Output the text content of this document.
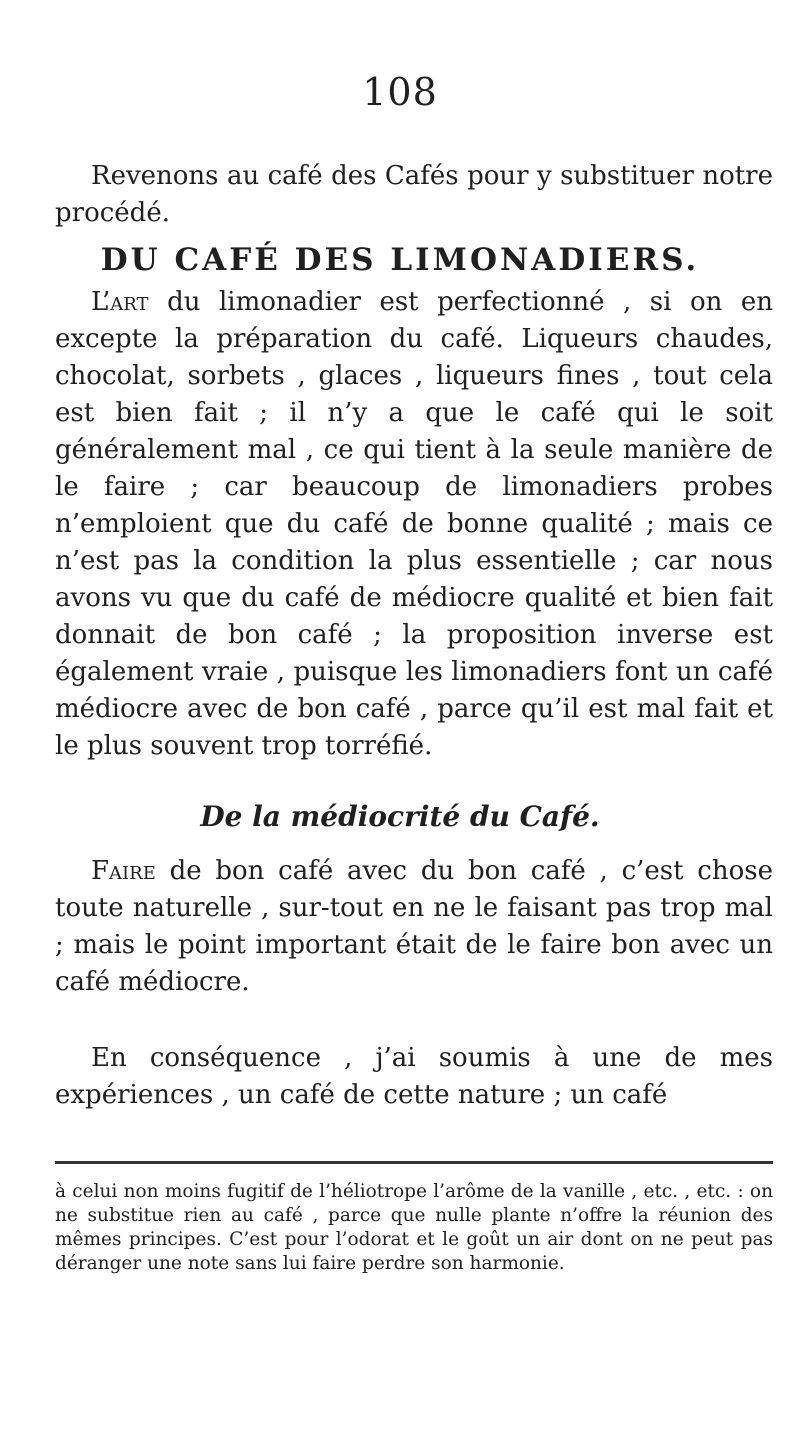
108

Revenons au café des Cafés pour y substituer notre procédé.

DU CAFÉ DES LIMONADIERS.

L’art du limonadier est perfectionné , si on en excepte la préparation du café. Liqueurs chaudes, chocolat, sorbets , glaces , liqueurs fines , tout cela est bien fait ; il n’y a que le café qui le soit généralement mal , ce qui tient à la seule manière de le faire ; car beaucoup de limonadiers probes n’emploient que du café de bonne qualité ; mais ce n’est pas la condition la plus essentielle ; car nous avons vu que du café de médiocre qualité et bien fait donnait de bon café ; la proposition inverse est également vraie , puisque les limonadiers font un café médiocre avec de bon café , parce qu’il est mal fait et le plus souvent trop torréfié.

De la médiocrité du Café.

Faire de bon café avec du bon café , c’est chose toute naturelle , sur-tout en ne le faisant pas trop mal ; mais le point important était de le faire bon avec un café médiocre.

En conséquence , j’ai soumis à une de mes expériences , un café de cette nature ; un café

à celui non moins fugitif de l’héliotrope l’arôme de la vanille , etc. , etc. : on ne substitue rien au café , parce que nulle plante n’offre la réunion des mêmes principes. C’est pour l’odorat et le goût un air dont on ne peut pas déranger une note sans lui faire perdre son harmonie.
